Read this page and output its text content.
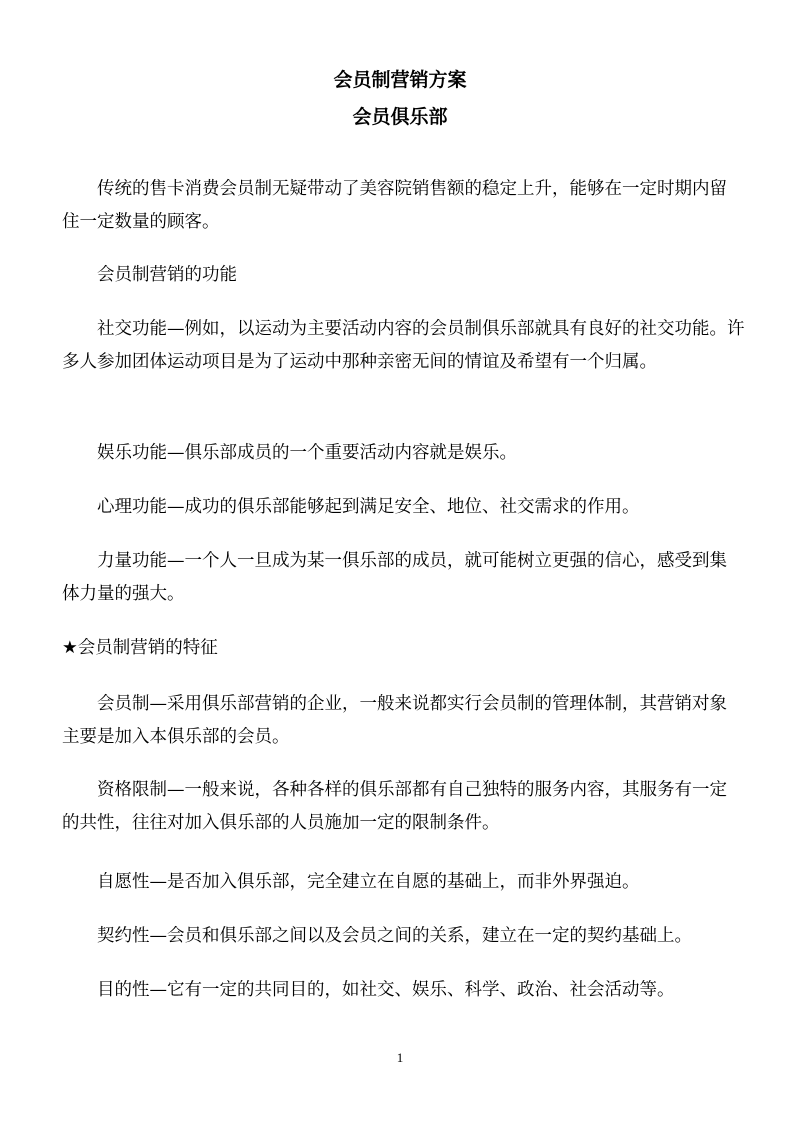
会员制营销方案
会员俱乐部

传统的售卡消费会员制无疑带动了美容院销售额的稳定上升，能够在一定时期内留住一定数量的顾客。

会员制营销的功能

社交功能—例如，以运动为主要活动内容的会员制俱乐部就具有良好的社交功能。许多人参加团体运动项目是为了运动中那种亲密无间的情谊及希望有一个归属。

娱乐功能—俱乐部成员的一个重要活动内容就是娱乐。

心理功能—成功的俱乐部能够起到满足安全、地位、社交需求的作用。

力量功能—一个人一旦成为某一俱乐部的成员，就可能树立更强的信心，感受到集体力量的强大。

★会员制营销的特征

会员制—采用俱乐部营销的企业，一般来说都实行会员制的管理体制，其营销对象主要是加入本俱乐部的会员。

资格限制—一般来说，各种各样的俱乐部都有自己独特的服务内容，其服务有一定的共性，往往对加入俱乐部的人员施加一定的限制条件。

自愿性—是否加入俱乐部，完全建立在自愿的基础上，而非外界强迫。

契约性—会员和俱乐部之间以及会员之间的关系，建立在一定的契约基础上。

目的性—它有一定的共同目的，如社交、娱乐、科学、政治、社会活动等。

1
